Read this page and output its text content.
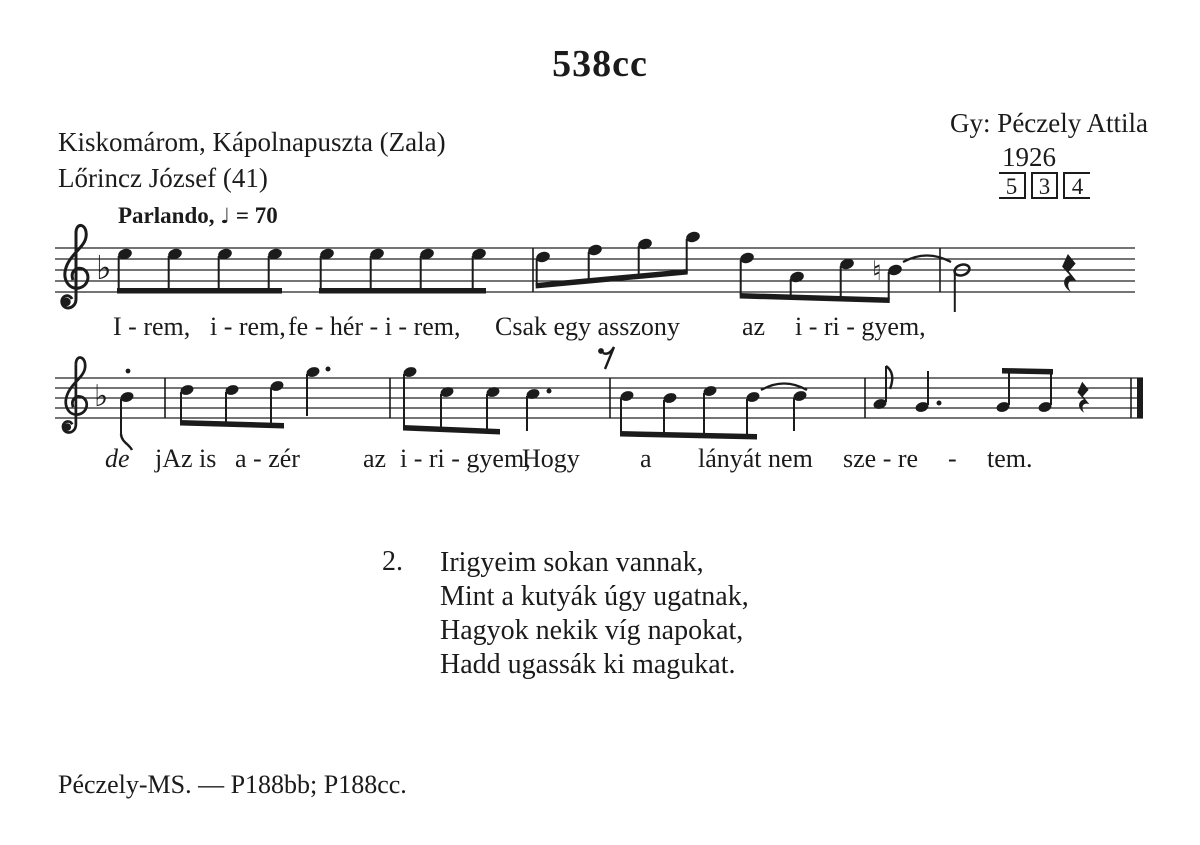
538cc
Gy: Péczely Attila
1926
5 3 4
Kiskomárom, Kápolnapuszta (Zala)
Lőrincz József (41)
Parlando, ♩ = 70
♮
I - rem, i - rem, fe - hér - i - rem, Csak egy asszony az i - ri - gyem,
de jAz is a - zér az i - ri - gyem,
Hogy a lányát nem sze - re - tem.
2. Irigyeim sokan vannak,
Mint a kutyák úgy ugatnak,
Hagyok nekik víg napokat,
Hadd ugassák ki magukat.
Péczely-MS. — P188bb; P188cc.
